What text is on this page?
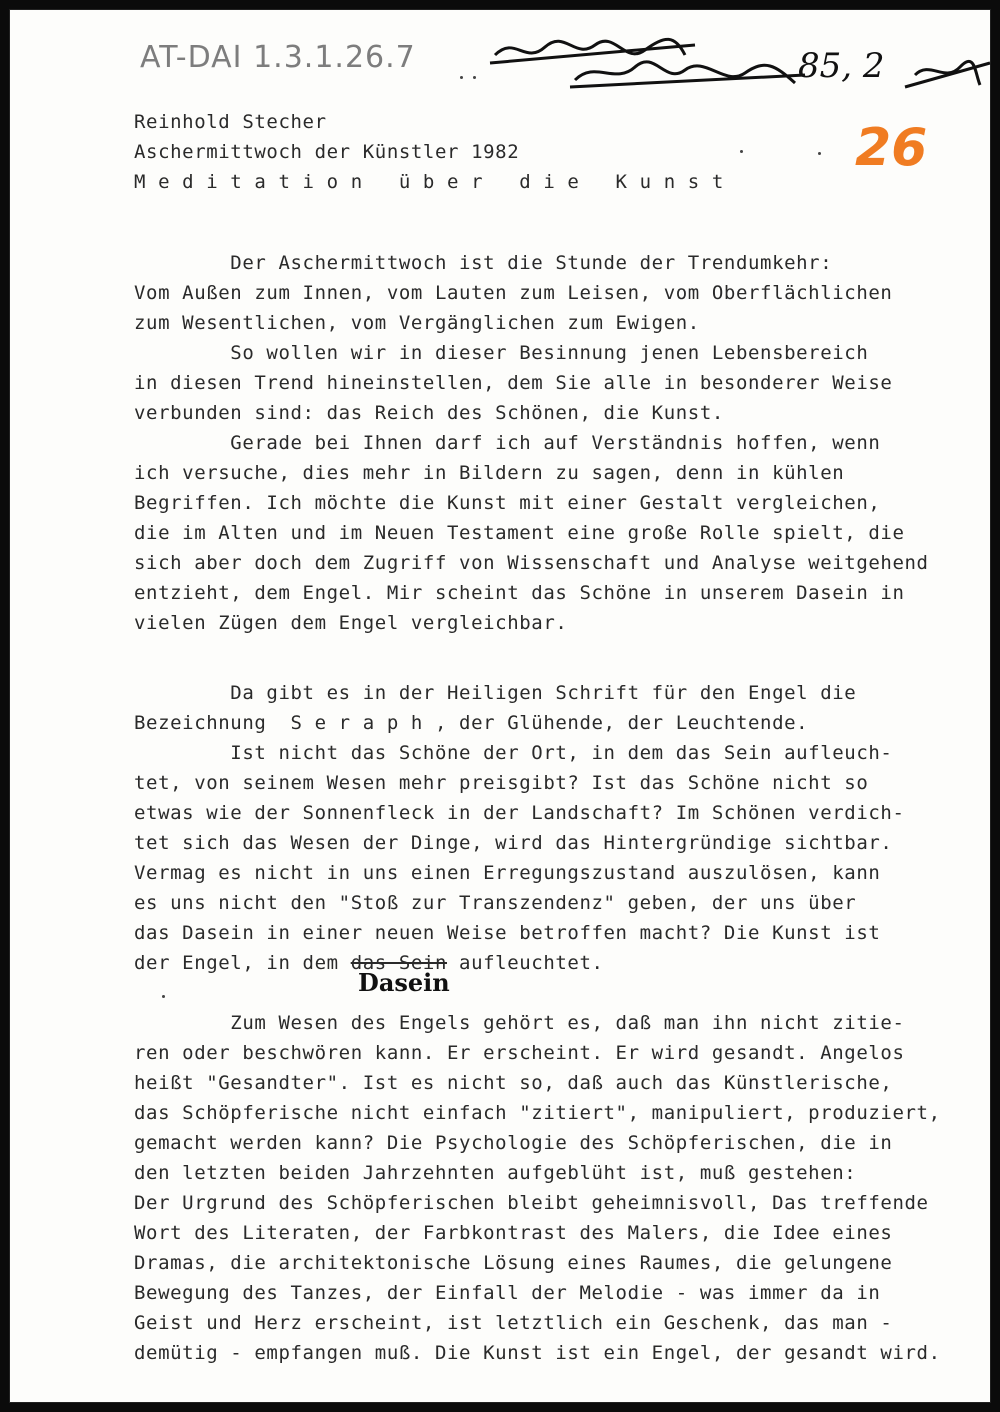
AT-DAI 1.3.1.26.7	85, 2
26
Reinhold Stecher
Aschermittwoch der Künstler 1982
M e d i t a t i o n   ü b e r   d i e   K u n s t
Der Aschermittwoch ist die Stunde der Trendumkehr:
Vom Außen zum Innen, vom Lauten zum Leisen, vom Oberflächlichen
zum Wesentlichen, vom Vergänglichen zum Ewigen.
So wollen wir in dieser Besinnung jenen Lebensbereich
in diesen Trend hineinstellen, dem Sie alle in besonderer Weise
verbunden sind: das Reich des Schönen, die Kunst.
Gerade bei Ihnen darf ich auf Verständnis hoffen, wenn
ich versuche, dies mehr in Bildern zu sagen, denn in kühlen
Begriffen. Ich möchte die Kunst mit einer Gestalt vergleichen,
die im Alten und im Neuen Testament eine große Rolle spielt, die
sich aber doch dem Zugriff von Wissenschaft und Analyse weitgehend
entzieht, dem Engel. Mir scheint das Schöne in unserem Dasein in
vielen Zügen dem Engel vergleichbar.
Da gibt es in der Heiligen Schrift für den Engel die
Bezeichnung  S e r a p h , der Glühende, der Leuchtende.
Ist nicht das Schöne der Ort, in dem das Sein aufleuch-
tet, von seinem Wesen mehr preisgibt? Ist das Schöne nicht so
etwas wie der Sonnenfleck in der Landschaft? Im Schönen verdich-
tet sich das Wesen der Dinge, wird das Hintergründige sichtbar.
Vermag es nicht in uns einen Erregungszustand auszulösen, kann
es uns nicht den "Stoß zur Transzendenz" geben, der uns über
das Dasein in einer neuen Weise betroffen macht? Die Kunst ist
der Engel, in dem das Sein aufleuchtet.
Dasein
Zum Wesen des Engels gehört es, daß man ihn nicht zitie-
ren oder beschwören kann. Er erscheint. Er wird gesandt. Angelos
heißt "Gesandter". Ist es nicht so, daß auch das Künstlerische,
das Schöpferische nicht einfach "zitiert", manipuliert, produziert,
gemacht werden kann? Die Psychologie des Schöpferischen, die in
den letzten beiden Jahrzehnten aufgeblüht ist, muß gestehen:
Der Urgrund des Schöpferischen bleibt geheimnisvoll, Das treffende
Wort des Literaten, der Farbkontrast des Malers, die Idee eines
Dramas, die architektonische Lösung eines Raumes, die gelungene
Bewegung des Tanzes, der Einfall der Melodie - was immer da in
Geist und Herz erscheint, ist letztlich ein Geschenk, das man -
demütig - empfangen muß. Die Kunst ist ein Engel, der gesandt wird.
